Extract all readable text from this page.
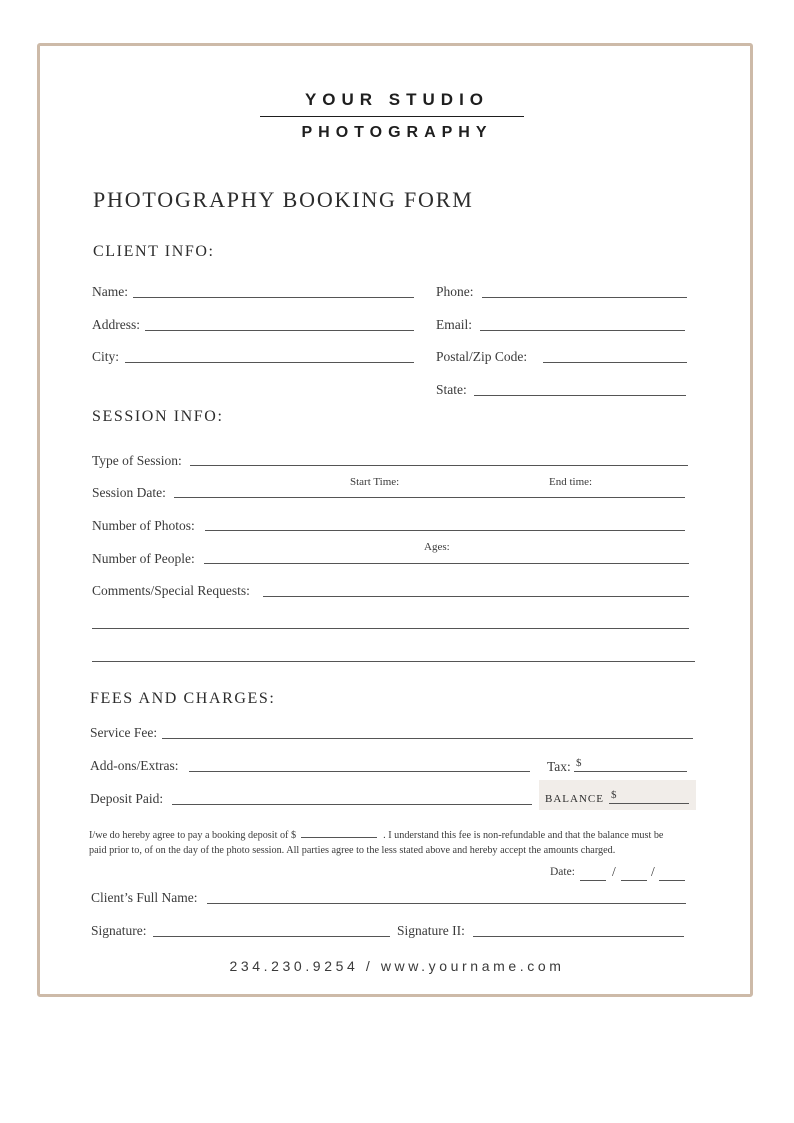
YOUR STUDIO
PHOTOGRAPHY
PHOTOGRAPHY BOOKING FORM
CLIENT INFO:
Name:	Phone:
Address:	Email:
City:	Postal/Zip Code:
State:
SESSION INFO:
Type of Session:
Start Time:	End time:
Session Date:
Number of Photos:
Ages:
Number of People:
Comments/Special Requests:
FEES AND CHARGES:
Service Fee:
Add-ons/Extras:	Tax: $
Deposit Paid:	BALANCE $
I/we do hereby agree to pay a booking deposit of $	. I understand this fee is non-refundable and that the balance must be
paid prior to, of on the day of the photo session. All parties agree to the less stated above and hereby accept the amounts charged.
Date:	/	/
Client’s Full Name:
Signature:	Signature II:
234.230.9254 / www.yourname.com
